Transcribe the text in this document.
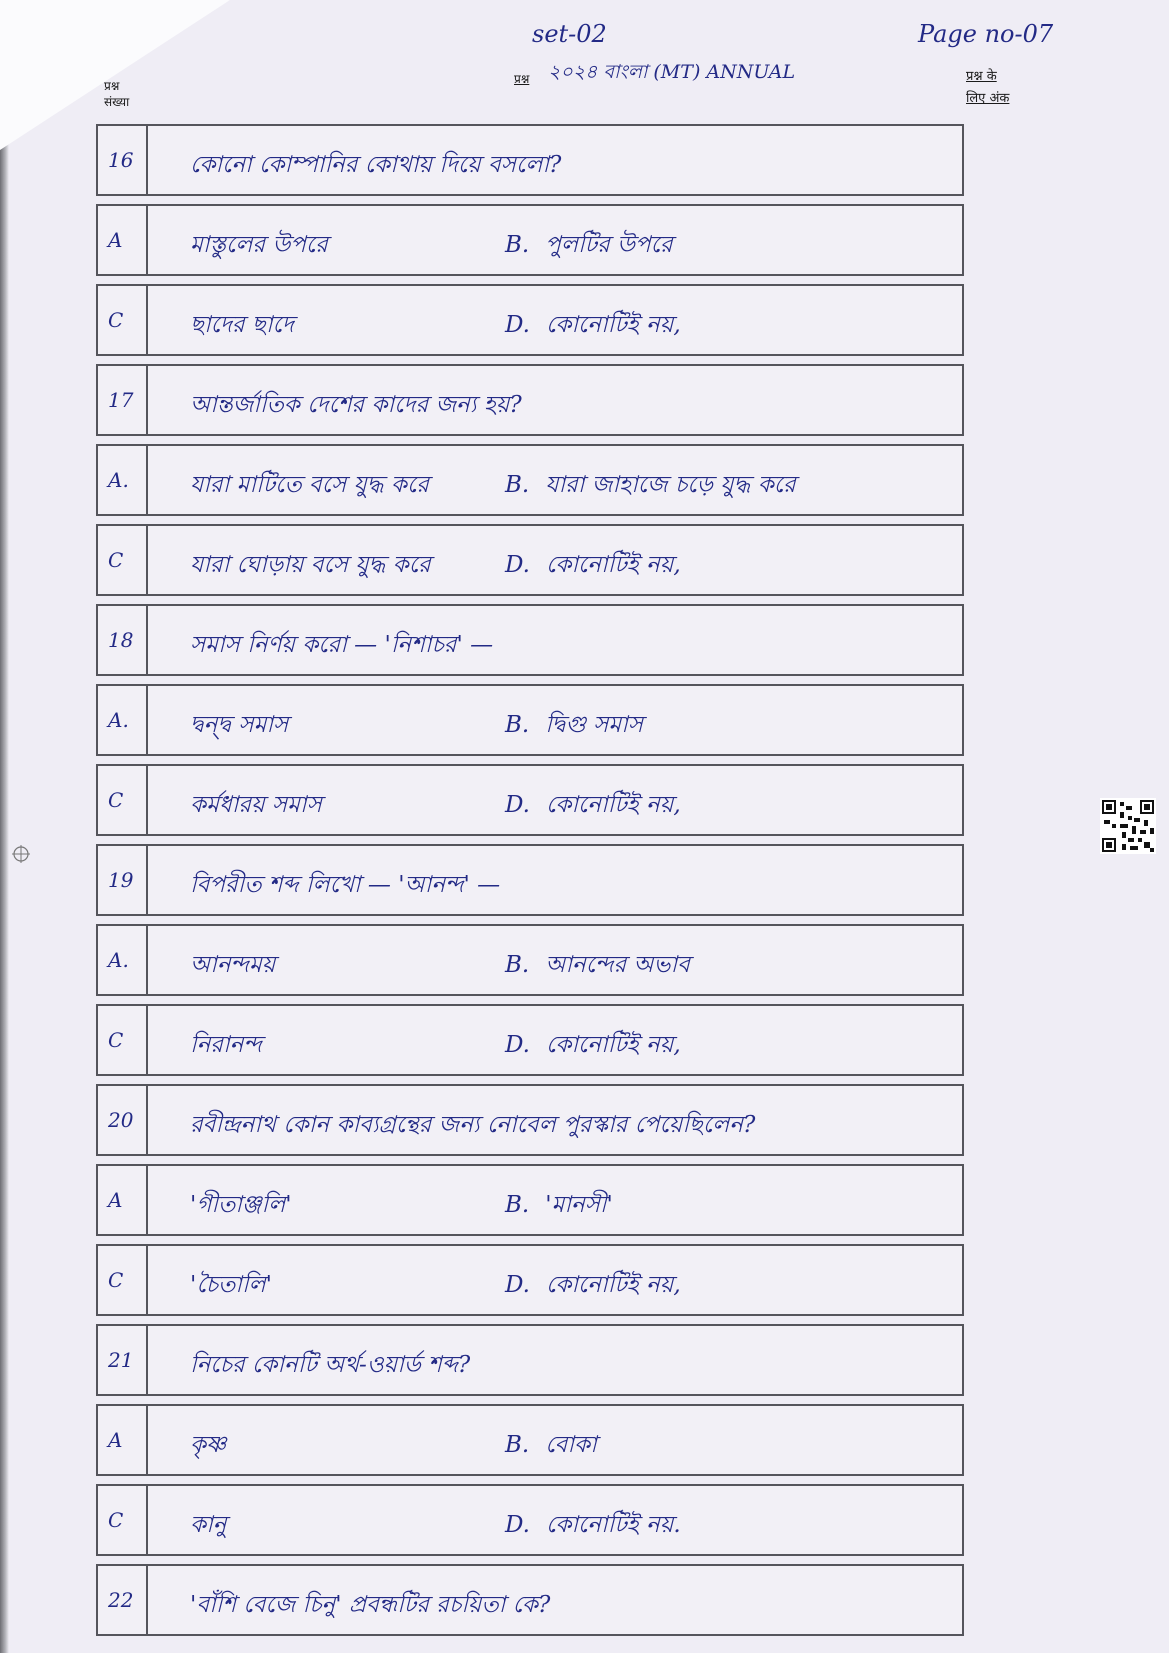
set-02	Page no-07
प्रश्न ২০২৪ বাংলা (MT) ANNUAL
प्रश्न
संख्या
प्रश्न के
लिए अंक
16 কোনো কোম্পানির কোথায় দিয়ে বসলো?
A	মাস্তুলের উপরে	B. পুলটির উপরে
C	ছাদের ছাদে	D. কোনোটিই নয়,
17 আন্তর্জাতিক দেশের কাদের জন্য হয়?
A.	যারা মাটিতে বসে যুদ্ধ করে	B. যারা জাহাজে চড়ে যুদ্ধ করে
C	যারা ঘোড়ায় বসে যুদ্ধ করে	D. কোনোটিই নয়,
18 সমাস নির্ণয় করো — 'নিশাচর' —
A.	দ্বন্দ্ব সমাস	B. দ্বিগু সমাস
C	কর্মধারয় সমাস	D. কোনোটিই নয়,
19 বিপরীত শব্দ লিখো — 'আনন্দ' —
A.	আনন্দময়	B. আনন্দের অভাব
C	নিরানন্দ	D. কোনোটিই নয়,
20 রবীন্দ্রনাথ কোন কাব্যগ্রন্থের জন্য নোবেল পুরস্কার পেয়েছিলেন?
A	'গীতাঞ্জলি'	B. 'মানসী'
C	'চৈতালি'	D. কোনোটিই নয়,
21 নিচের কোনটি অর্থ-ওয়ার্ড শব্দ?
A	কৃষ্ণ	B. বোকা
C	কানু	D. কোনোটিই নয়.
22 'বাঁশি বেজে চিনু' প্রবন্ধটির রচয়িতা কে?
